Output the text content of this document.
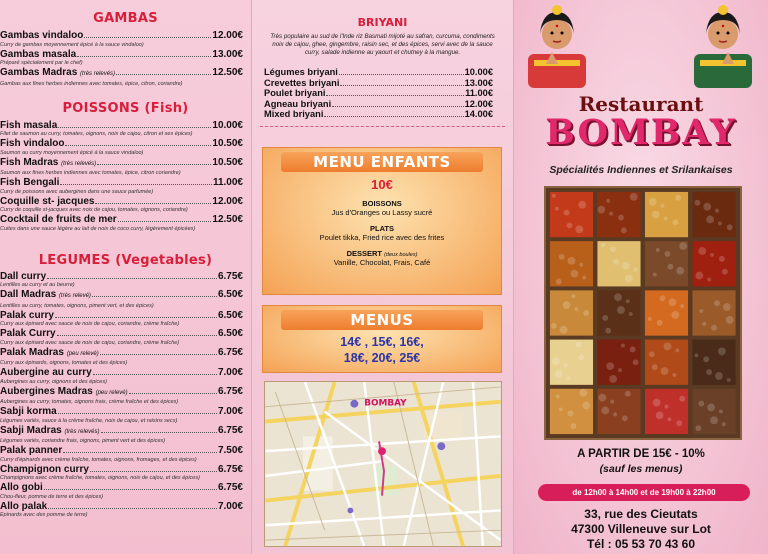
GAMBAS
Gambas vindaloo	12.00€
Curry de gambas moyennement épicé à la sauce vindaloo)
Gambas masala	13.00€
Préparé spécialement par le chef)
Gambas Madras (très relevés)	12.50€
Gambas aux fines herbes indiennes avec tomates, épice, citron, coriandre)
POISSONS (Fish)
Fish masala	10.00€
Filet de saumon au curry, tomates, oignons, noix de cajou, citron et ses épices)
Fish vindaloo	10.50€
Saumon au curry moyennement épicé à la sauce vindaloo)
Fish Madras (très relevés)	10.50€
Saumon aux fines herbes indiennes avec tomates, épice, citron coriandre)
Fish Bengali	11.00€
Curry de poissons avec aubergines dans une sauce parfumée)
Coquille st- jacques	12.00€
Curry de coquille st-jacques avec noix de cajou, tomates, oignons, coriandre)
Cocktail de fruits de mer	12.50€
Cuites dans une sauce légère au lait de noix de coco curry, légèrement épicées)
LEGUMES (Vegetables)
Dall curry	6.75€
Lentilles au curry et au beurre)
Dall Madras (très relevé)	6.50€
Lentilles au curry, tomates, oignons, piment vert, et des épices)
Palak curry	6.50€
Curry aux épinard avec sauce de noix de cajou, coriandre, crème fraîche)
Palak Curry	6.50€
Curry aux épinard avec sauce de noix de cajou, coriandre, crème fraîche)
Palak Madras (peu relevé)	6.75€
Curry aux épinards, oignons, tomates et des épices)
Aubergine au curry	7.00€
Aubergines au curry, oignons et des épices)
Aubergines Madras (peu relevé)	6.75€
Aubergines au curry, tomates, oignons frais, crème fraîche et des épices)
Sabji korma	7.00€
Légumes variés, sauce à la crème fraîche, noix de cajou, et raisins secs)
Sabji Madras (très relevés)	6.75€
Légumes variés, coriandre frais, oignons, piment vert et des épices)
Palak panner	7.50€
Curry d'épinards avec crème fraîche, tomates, oignons, fromages, et des épices)
Champignon curry	6.75€
Champignons avec crème fraîche, tomates, oignons, noix de cajou, et des épices)
Allo gobi	6.75€
Chou-fleur, pomme de terre et des épices)
Allo palak	7.00€
Epinards avec des pomme de terre)
BRIYANI
Très populaire au sud de l'Inde riz Basmati mijoté au safran, curcuma, condiments noix de cajou, ghee, gingembre, raisin sec, et des épices, servi avec de la sauce curry, salade indienne au yaourt et chutney à la mangue.
Légumes briyani	10.00€
Crevettes briyani	13.00€
Poulet briyani	11.00€
Agneau briyani	12.00€
Mixed briyani	14.00€
MENU ENFANTS
10€
BOISSONS
Jus d'Oranges ou Lassy sucré
PLATS
Poulet tikka, Fried rice avec des frites
DESSERT (deux boules)
Vanille, Chocolat, Frais, Café
MENUS
14€ , 15€, 16€,
18€, 20€, 25€
BOMBAY
Restaurant
BOMBAY
Spécialités Indiennes et Srilankaises
A PARTIR DE 15€ - 10%
(sauf les menus)
de 12h00 à 14h00 et de 19h00 à 22h00
33, rue des Cieutats
47300 Villeneuve sur Lot
Tél : 05 53 70 43 60
